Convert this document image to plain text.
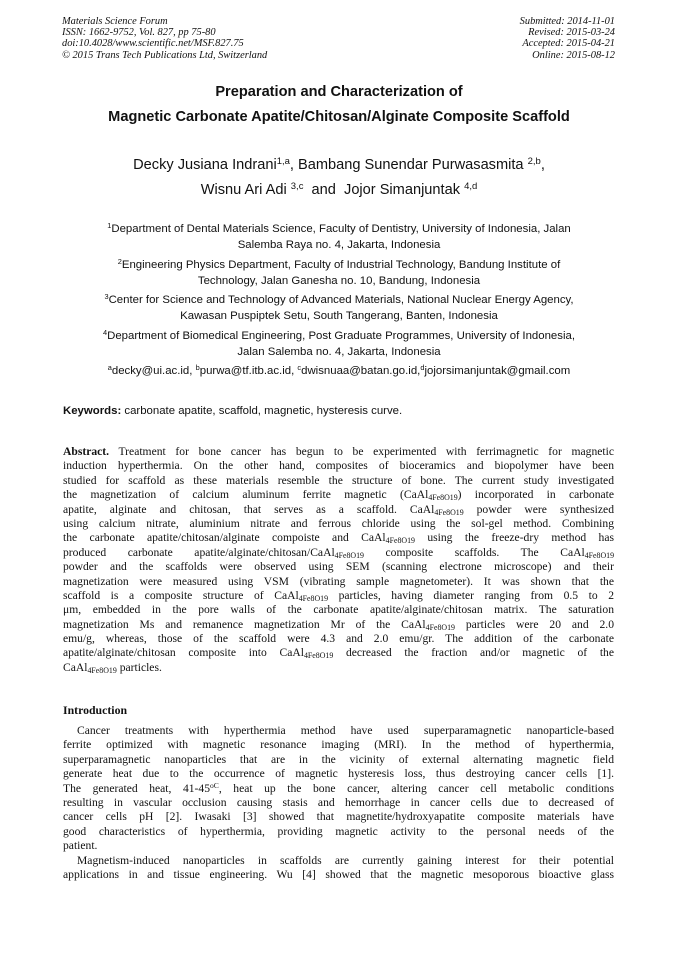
Materials Science Forum
ISSN: 1662-9752, Vol. 827, pp 75-80
doi:10.4028/www.scientific.net/MSF.827.75
© 2015 Trans Tech Publications Ltd, Switzerland
Submitted: 2014-11-01
Revised: 2015-03-24
Accepted: 2015-04-21
Online: 2015-08-12
Preparation and Characterization of
Magnetic Carbonate Apatite/Chitosan/Alginate Composite Scaffold
Decky Jusiana Indrani$^{1,a}$, Bambang Sunendar Purwasasmita $^{2,b}$,
Wisnu Ari Adi $^{3,c}$ and Jojor Simanjuntak $^{4,d}$
$^1$Department of Dental Materials Science, Faculty of Dentistry, University of Indonesia, Jalan
Salemba Raya no. 4, Jakarta, Indonesia
$^2$Engineering Physics Department, Faculty of Industrial Technology, Bandung Institute of
Technology, Jalan Ganesha no. 10, Bandung, Indonesia
$^3$Center for Science and Technology of Advanced Materials, National Nuclear Energy Agency,
Kawasan Puspiptek Setu, South Tangerang, Banten, Indonesia
$^4$Department of Biomedical Engineering, Post Graduate Programmes, University of Indonesia,
Jalan Salemba no. 4, Jakarta, Indonesia
$^a$decky@ui.ac.id, $^b$purwa@tf.itb.ac.id, $^c$dwisnuaa@batan.go.id,$^d$jojorsimanjuntak@gmail.com
Keywords: carbonate apatite, scaffold, magnetic, hysteresis curve.
Abstract. Treatment for bone cancer has begun to be experimented with ferrimagnetic for magnetic
induction hyperthermia. On the other hand, composites of bioceramics and biopolymer have been
studied for scaffold as these materials resemble the structure of bone. The current study investigated
the magnetization of calcium aluminum ferrite magnetic (CaAl$_{4Fe8O19}$) incorporated in carbonate
apatite, alginate and chitosan, that serves as a scaffold. CaAl$_{4Fe8O19}$ powder were synthesized
using calcium nitrate, aluminium nitrate and ferrous chloride using the sol-gel method. Combining
the carbonate apatite/chitosan/alginate compoiste and CaAl$_{4Fe8O19}$ using the freeze-dry method has
produced carbonate apatite/alginate/chitosan/CaAl$_{4Fe8O19}$ composite scaffolds. The CaAl$_{4Fe8O19}$
powder and the scaffolds were observed using SEM (scanning electrone microscope) and their
magnetization were measured using VSM (vibrating sample magnetometer). It was shown that the
scaffold is a composite structure of CaAl$_{4Fe8O19}$ particles, having diameter ranging from 0.5 to 2
μm, embedded in the pore walls of the carbonate apatite/alginate/chitosan matrix. The saturation
magnetization Ms and remanence magnetization Mr of the CaAl$_{4Fe8O19}$ particles were 20 and 2.0
emu/g, whereas, those of the scaffold were 4.3 and 2.0 emu/gr. The addition of the carbonate
apatite/alginate/chitosan composite into CaAl$_{4Fe8O19}$ decreased the fraction and/or magnetic of the
CaAl$_{4Fe8O19}$ particles.
Introduction
Cancer treatments with hyperthermia method have used superparamagnetic nanoparticle-based
ferrite optimized with magnetic resonance imaging (MRI). In the method of hyperthermia,
superparamagnetic nanoparticles that are in the vicinity of external alternating magnetic field
generate heat due to the occurrence of magnetic hysteresis loss, thus destroying cancer cells [1].
The generated heat, $41-45^{oC}$, heat up the bone cancer, altering cancer cell metabolic conditions
resulting in vascular occlusion causing stasis and hemorrhage in cancer cells due to decreased of
cancer cells pH [2]. Iwasaki [3] showed that magnetite/hydroxyapatite composite materials have
good characteristics of hyperthermia, providing magnetic activity to the personal needs of the
patient.
Magnetism-induced nanoparticles in scaffolds are currently gaining interest for their potential
applications in and tissue engineering. Wu [4] showed that the magnetic mesoporous bioactive glass
